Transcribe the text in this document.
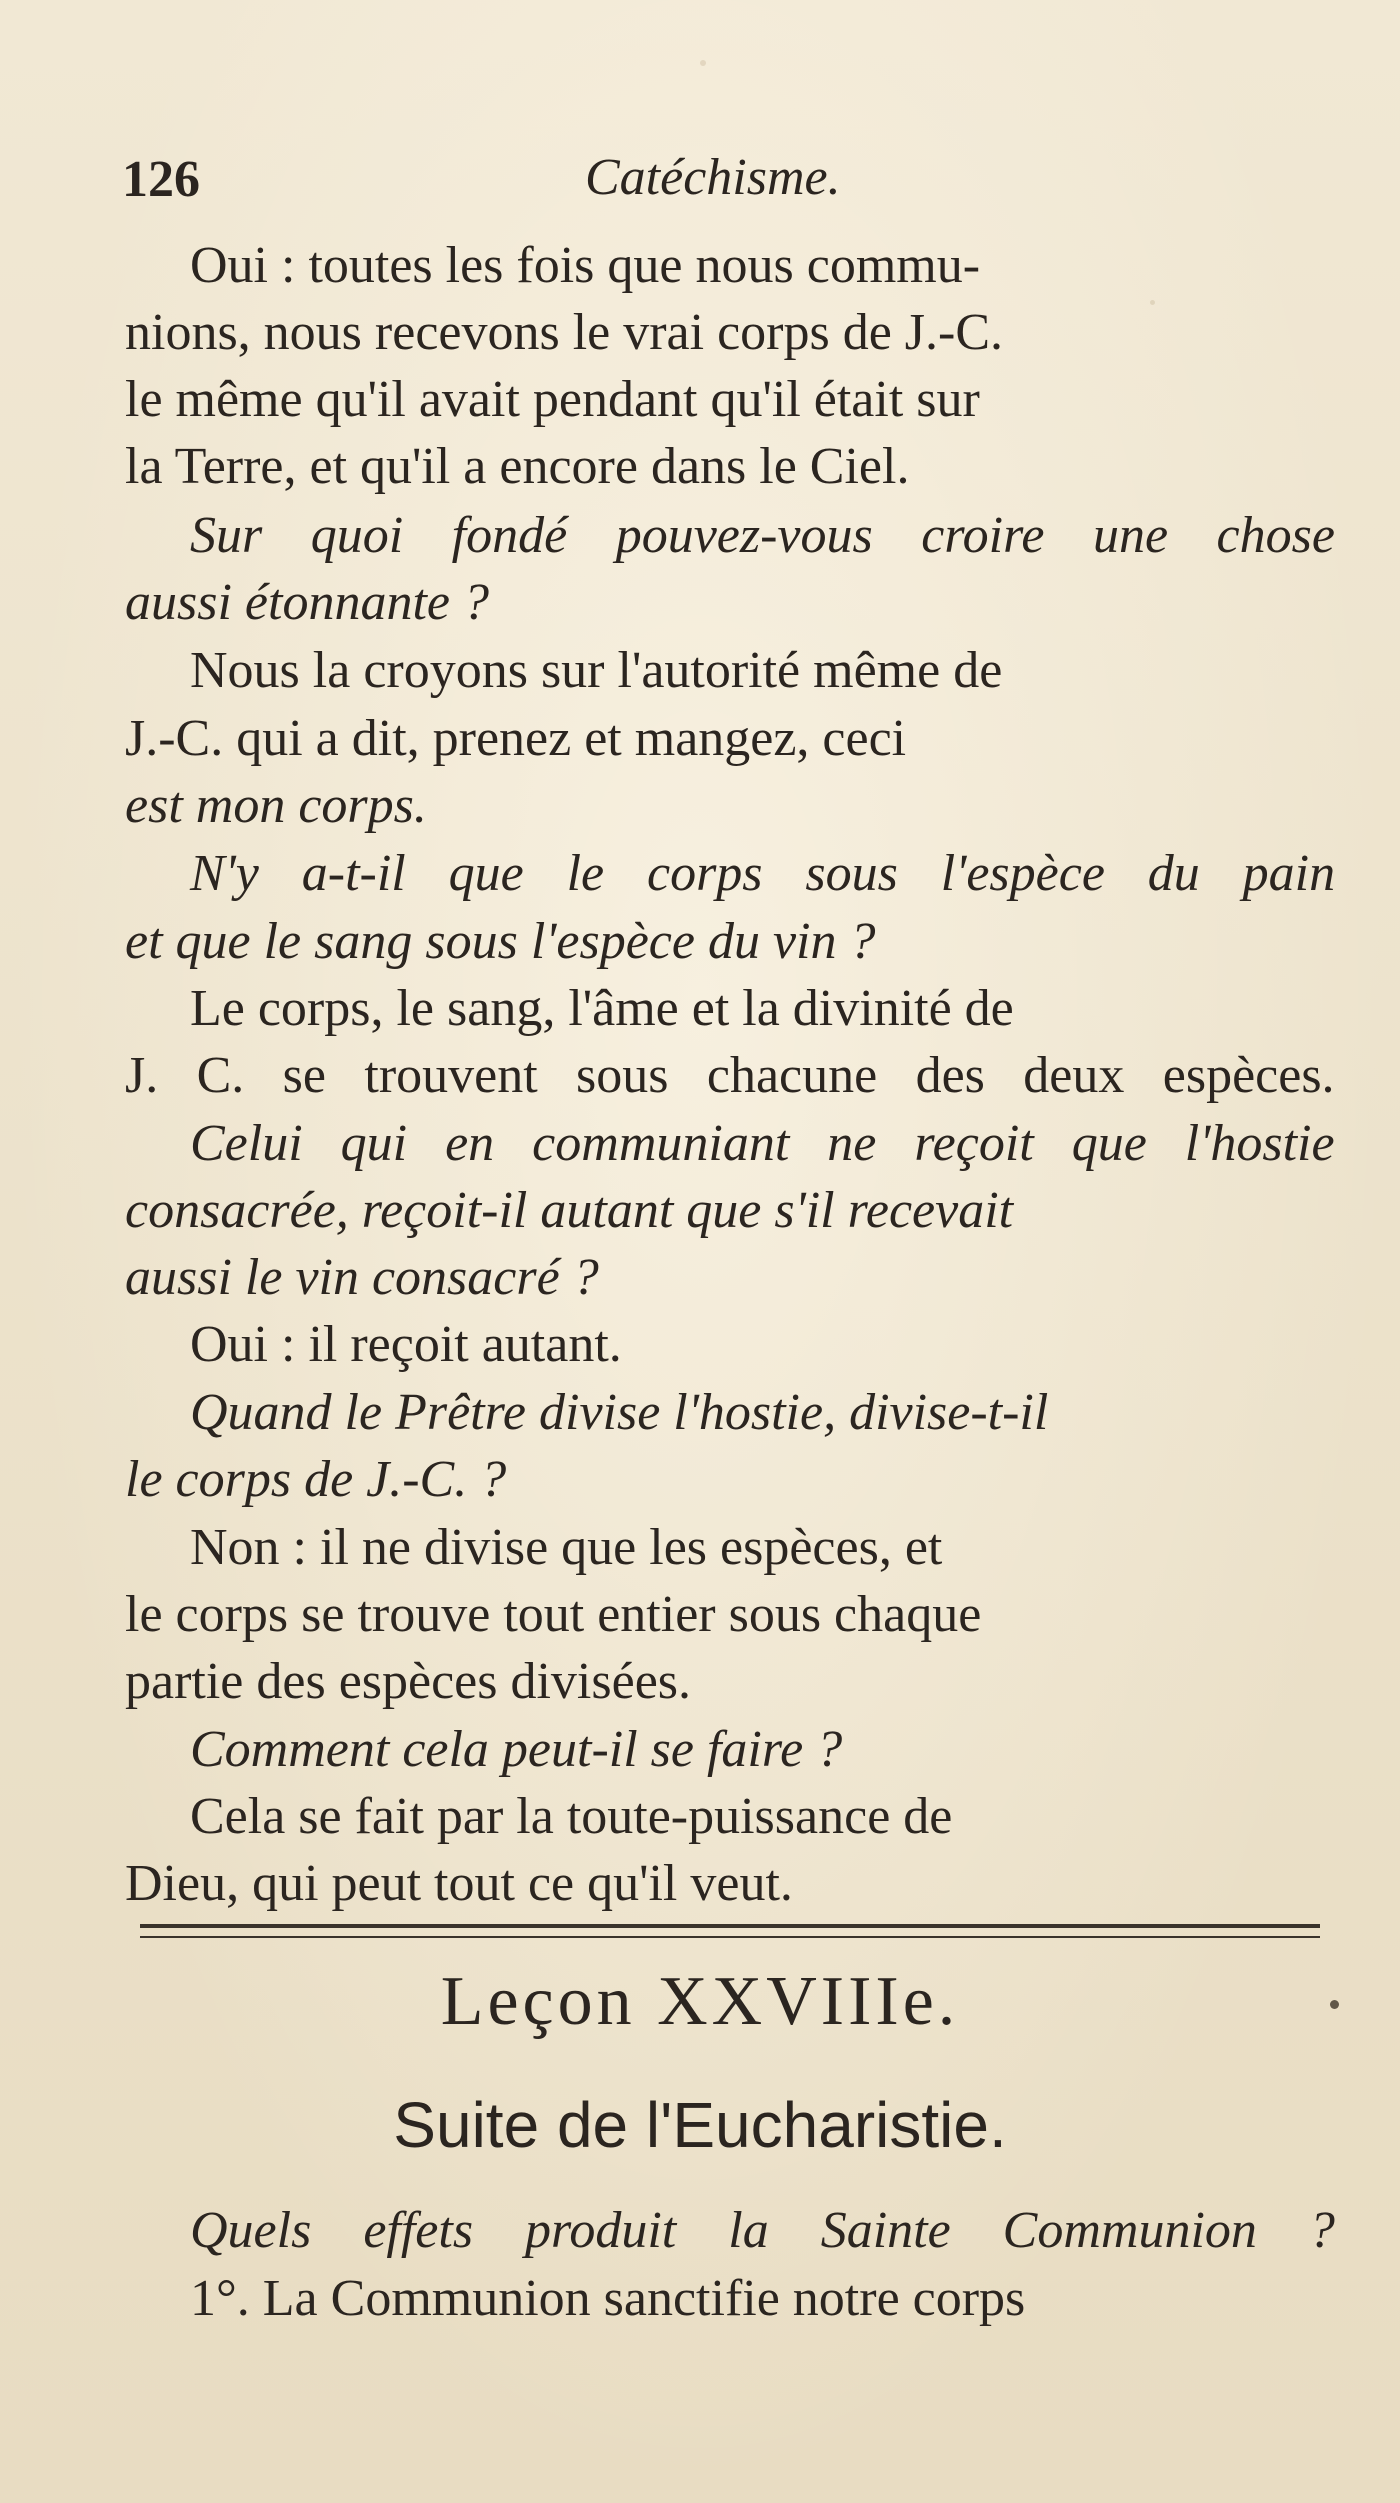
126	Catéchisme.
Oui : toutes les fois que nous commu-
nions, nous recevons le vrai corps de J.-C.
le même qu'il avait pendant qu'il était sur
la Terre, et qu'il a encore dans le Ciel.
Sur quoi fondé pouvez-vous croire une chose
aussi étonnante ?
Nous la croyons sur l'autorité même de
J.-C. qui a dit, prenez et mangez, ceci
est mon corps.
N'y a-t-il que le corps sous l'espèce du pain
et que le sang sous l'espèce du vin ?
Le corps, le sang, l'âme et la divinité de
J. C. se trouvent sous chacune des deux espèces.
Celui qui en communiant ne reçoit que l'hostie
consacrée, reçoit-il autant que s'il recevait
aussi le vin consacré ?
Oui : il reçoit autant.
Quand le Prêtre divise l'hostie, divise-t-il
le corps de J.-C. ?
Non : il ne divise que les espèces, et
le corps se trouve tout entier sous chaque
partie des espèces divisées.
Comment cela peut-il se faire ?
Cela se fait par la toute-puissance de
Dieu, qui peut tout ce qu'il veut.
Leçon XXVIIIe.
Suite de l'Eucharistie.
Quels effets produit la Sainte Communion ?
1°. La Communion sanctifie notre corps
